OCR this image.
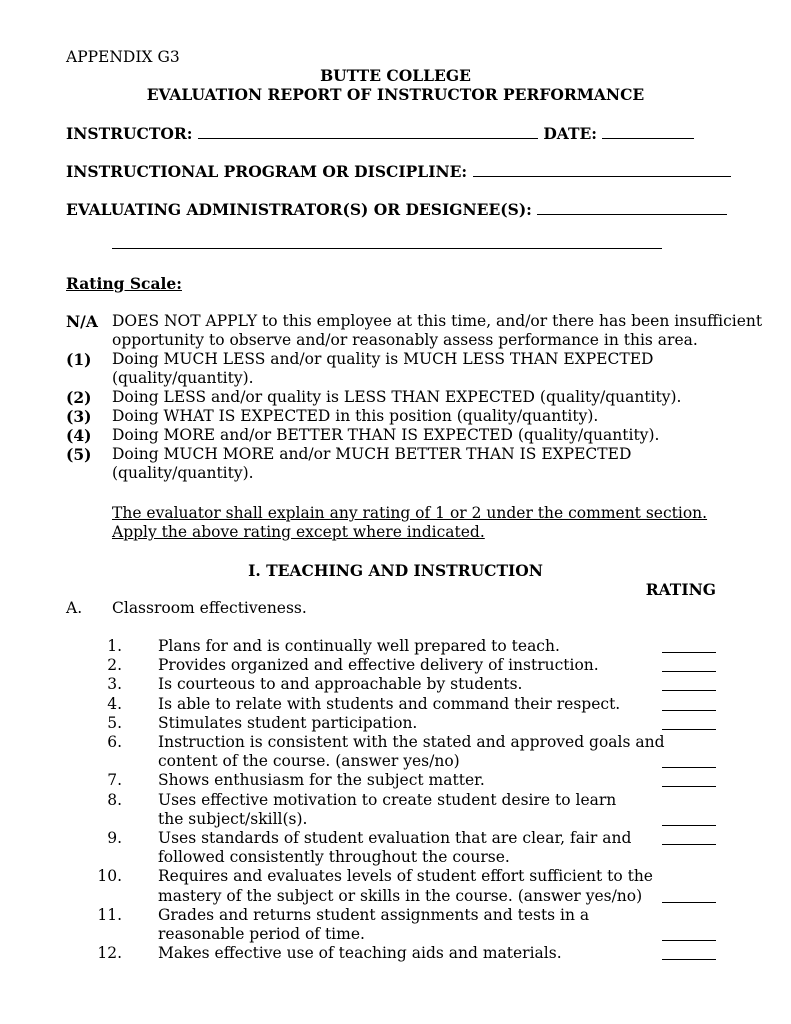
APPENDIX G3
BUTTE COLLEGE
EVALUATION REPORT OF INSTRUCTOR PERFORMANCE
INSTRUCTOR:	DATE:
INSTRUCTIONAL PROGRAM OR DISCIPLINE:
EVALUATING ADMINISTRATOR(S) OR DESIGNEE(S):
Rating Scale:
N/A DOES NOT APPLY to this employee at this time, and/or there has been insufficient
opportunity to observe and/or reasonably assess performance in this area.
(1) Doing MUCH LESS and/or quality is MUCH LESS THAN EXPECTED
(quality/quantity).
(2) Doing LESS and/or quality is LESS THAN EXPECTED (quality/quantity).
(3) Doing WHAT IS EXPECTED in this position (quality/quantity).
(4) Doing MORE and/or BETTER THAN IS EXPECTED (quality/quantity).
(5) Doing MUCH MORE and/or MUCH BETTER THAN IS EXPECTED
(quality/quantity).
The evaluator shall explain any rating of 1 or 2 under the comment section.
Apply the above rating except where indicated.
I. TEACHING AND INSTRUCTION
RATING
A. Classroom effectiveness.
1. Plans for and is continually well prepared to teach.
2. Provides organized and effective delivery of instruction.
3. Is courteous to and approachable by students.
4. Is able to relate with students and command their respect.
5. Stimulates student participation.
6. Instruction is consistent with the stated and approved goals and
content of the course. (answer yes/no)
7. Shows enthusiasm for the subject matter.
8. Uses effective motivation to create student desire to learn
the subject/skill(s).
9. Uses standards of student evaluation that are clear, fair and
followed consistently throughout the course.
10. Requires and evaluates levels of student effort sufficient to the
mastery of the subject or skills in the course. (answer yes/no)
11. Grades and returns student assignments and tests in a
reasonable period of time.
12. Makes effective use of teaching aids and materials.
